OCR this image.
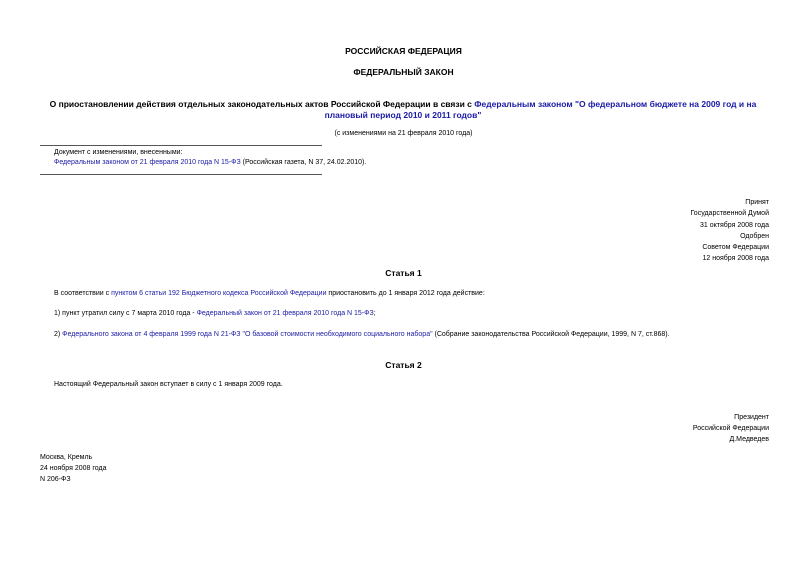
РОССИЙСКАЯ ФЕДЕРАЦИЯ
ФЕДЕРАЛЬНЫЙ ЗАКОН
О приостановлении действия отдельных законодательных актов Российской Федерации в связи с Федеральным законом "О федеральном бюджете на 2009 год и на плановый период 2010 и 2011 годов"
(с изменениями на 21 февраля 2010 года)
Документ с изменениями, внесенными:
Федеральным законом от 21 февраля 2010 года N 15-ФЗ (Российская газета, N 37, 24.02.2010).
Принят
Государственной Думой
31 октября 2008 года
Одобрен
Советом Федерации
12 ноября 2008 года
Статья 1
В соответствии с пунктом 6 статьи 192 Бюджетного кодекса Российской Федерации приостановить до 1 января 2012 года действие:
1) пункт утратил силу с 7 марта 2010 года - Федеральный закон от 21 февраля 2010 года N 15-ФЗ;
2) Федерального закона от 4 февраля 1999 года N 21-ФЗ "О базовой стоимости необходимого социального набора" (Собрание законодательства Российской Федерации, 1999, N 7, ст.868).
Статья 2
Настоящий Федеральный закон вступает в силу с 1 января 2009 года.
Президент
Российской Федерации
Д.Медведев
Москва, Кремль
24 ноября 2008 года
N 206-ФЗ
